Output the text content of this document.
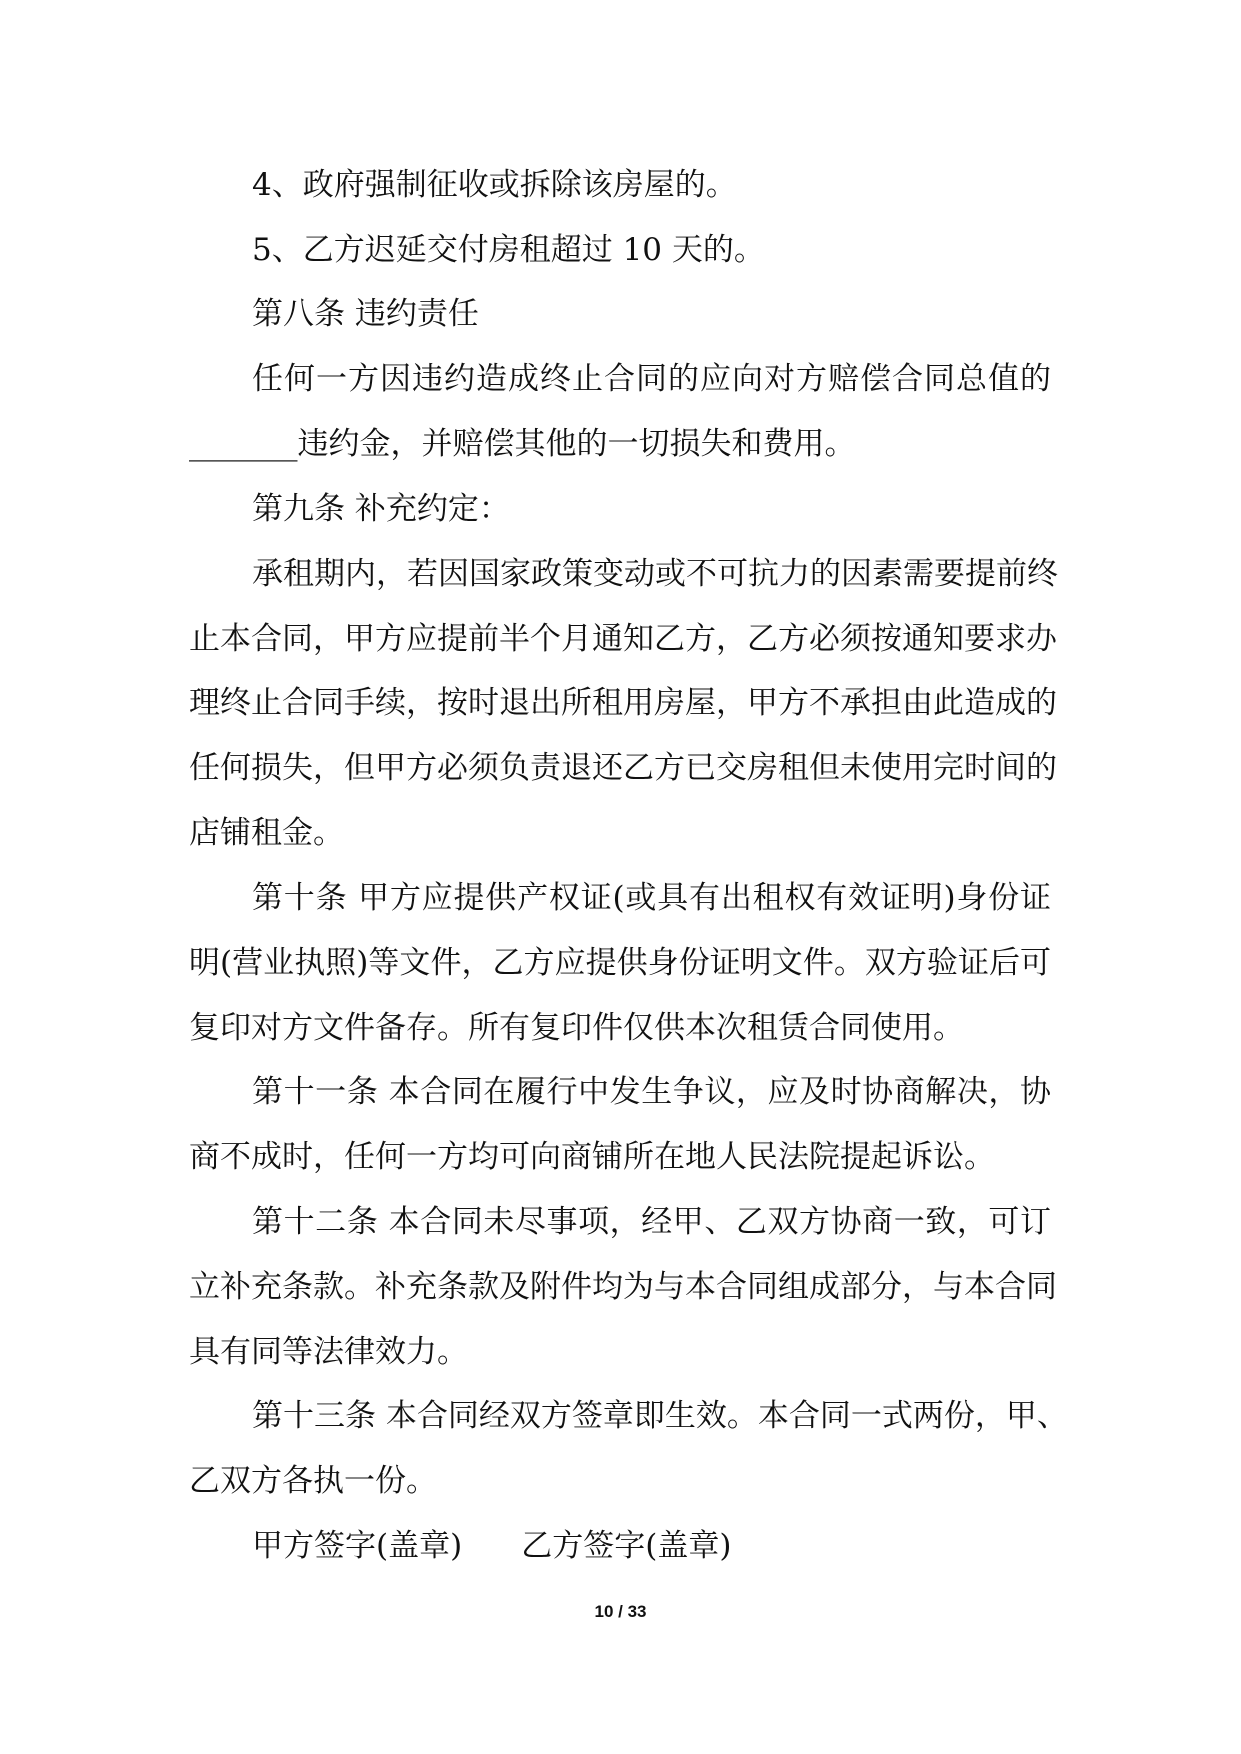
4、政府强制征收或拆除该房屋的。
5、乙方迟延交付房租超过 10 天的。
第八条 违约责任
任何一方因违约造成终止合同的应向对方赔偿合同总值的
_______违约金，并赔偿其他的一切损失和费用。
第九条 补充约定：
承租期内，若因国家政策变动或不可抗力的因素需要提前终
止本合同，甲方应提前半个月通知乙方，乙方必须按通知要求办
理终止合同手续，按时退出所租用房屋，甲方不承担由此造成的
任何损失，但甲方必须负责退还乙方已交房租但未使用完时间的
店铺租金。
第十条 甲方应提供产权证(或具有出租权有效证明)身份证
明(营业执照)等文件，乙方应提供身份证明文件。双方验证后可
复印对方文件备存。所有复印件仅供本次租赁合同使用。
第十一条 本合同在履行中发生争议，应及时协商解决，协
商不成时，任何一方均可向商铺所在地人民法院提起诉讼。
第十二条 本合同未尽事项，经甲、乙双方协商一致，可订
立补充条款。补充条款及附件均为与本合同组成部分，与本合同
具有同等法律效力。
第十三条 本合同经双方签章即生效。本合同一式两份，甲、
乙双方各执一份。
甲方签字(盖章)      乙方签字(盖章)
10 / 33
